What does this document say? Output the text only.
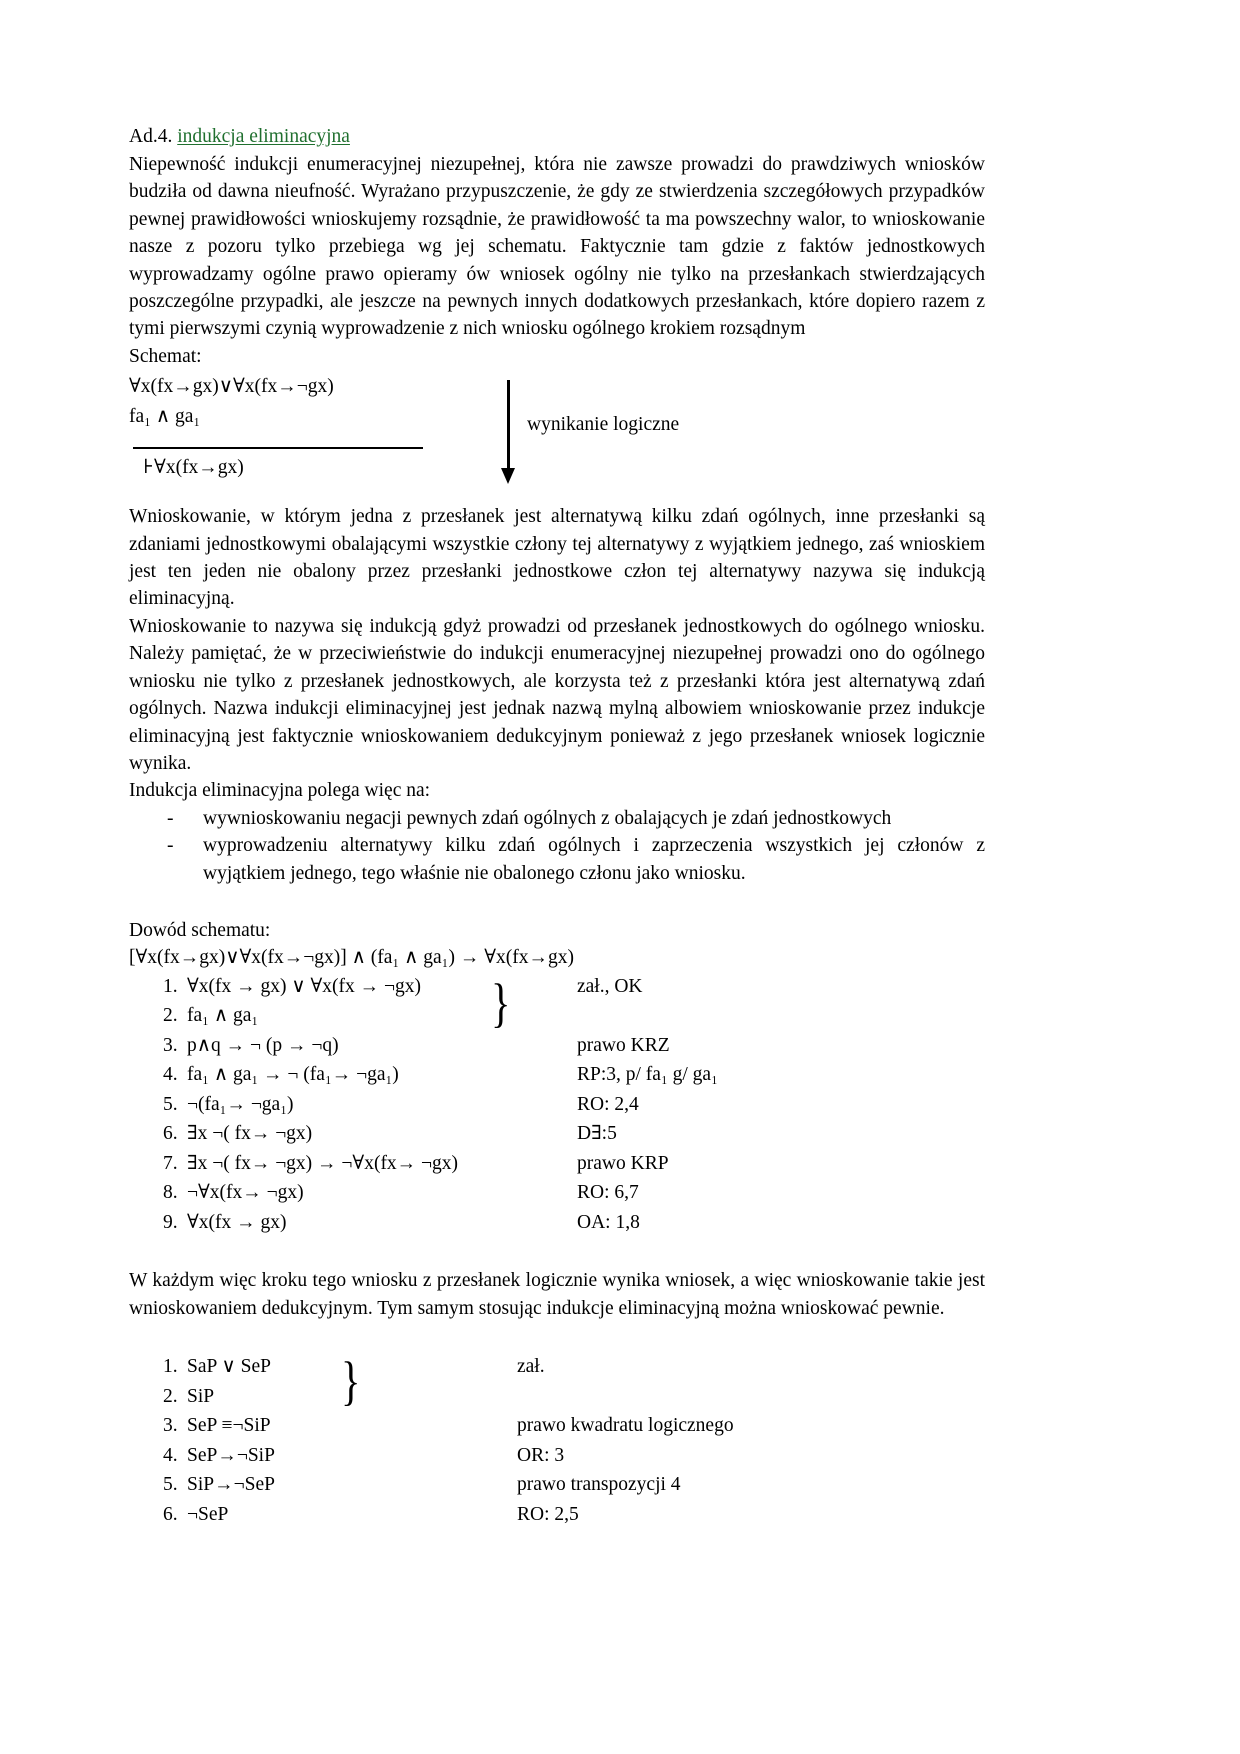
Ad.4. indukcja eliminacyjna

Niepewność indukcji enumeracyjnej niezupełnej, która nie zawsze prowadzi do prawdziwych wniosków budziła od dawna nieufność. Wyrażano przypuszczenie, że gdy ze stwierdzenia szczegółowych przypadków pewnej prawidłowości wnioskujemy rozsądnie, że prawidłowość ta ma powszechny walor, to wnioskowanie nasze z pozoru tylko przebiega wg jej schematu. Faktycznie tam gdzie z faktów jednostkowych wyprowadzamy ogólne prawo opieramy ów wniosek ogólny nie tylko na przesłankach stwierdzających poszczególne przypadki, ale jeszcze na pewnych innych dodatkowych przesłankach, które dopiero razem z tymi pierwszymi czynią wyprowadzenie z nich wniosku ogólnego krokiem rozsądnym

Schemat:
∀x(fx→gx)∨∀x(fx→¬gx)
fa₁ ∧ ga₁
⊦∀x(fx→gx)
wynikanie logiczne

Wnioskowanie, w którym jedna z przesłanek jest alternatywą kilku zdań ogólnych, inne przesłanki są zdaniami jednostkowymi obalającymi wszystkie człony tej alternatywy z wyjątkiem jednego, zaś wnioskiem jest ten jeden nie obalony przez przesłanki jednostkowe człon tej alternatywy nazywa się indukcją eliminacyjną.

Wnioskowanie to nazywa się indukcją gdyż prowadzi od przesłanek jednostkowych do ogólnego wniosku. Należy pamiętać, że w przeciwieństwie do indukcji enumeracyjnej niezupełnej prowadzi ono do ogólnego wniosku nie tylko z przesłanek jednostkowych, ale korzysta też z przesłanki która jest alternatywą zdań ogólnych. Nazwa indukcji eliminacyjnej jest jednak nazwą mylną albowiem wnioskowanie przez indukcje eliminacyjną jest faktycznie wnioskowaniem dedukcyjnym ponieważ z jego przesłanek wniosek logicznie wynika.

Indukcja eliminacyjna polega więc na:
- wywnioskowaniu negacji pewnych zdań ogólnych z obalających je zdań jednostkowych
- wyprowadzeniu alternatywy kilku zdań ogólnych i zaprzeczenia wszystkich jej członów z wyjątkiem jednego, tego właśnie nie obalonego członu jako wniosku.
Dowód schematu:
[∀x(fx→gx)∨∀x(fx→¬gx)] ∧ (fa₁ ∧ ga₁) → ∀x(fx→gx)
}
1. ∀x(fx → gx) ∨ ∀x(fx → ¬gx)	zał., OK
2. fa₁ ∧ ga₁
3. p∧q → ¬ (p → ¬q)	prawo KRZ
4. fa₁ ∧ ga₁ → ¬ (fa₁→ ¬ga₁)	RP:3, p/ fa₁ g/ ga₁
5. ¬(fa₁→ ¬ga₁)	RO: 2,4
6. ∃x ¬( fx→ ¬gx)	D∃:5
7. ∃x ¬( fx→ ¬gx) → ¬∀x(fx→ ¬gx)	prawo KRP
8. ¬∀x(fx→ ¬gx)	RO: 6,7
9. ∀x(fx → gx)	OA: 1,8

W każdym więc kroku tego wniosku z przesłanek logicznie wynika wniosek, a więc wnioskowanie takie jest wnioskowaniem dedukcyjnym. Tym samym stosując indukcje eliminacyjną można wnioskować pewnie.

}
1. SaP ∨ SeP	zał.
2. SiP
3. SeP ≡¬SiP	prawo kwadratu logicznego
4. SeP→¬SiP	OR: 3
5. SiP→¬SeP	prawo transpozycji 4
6. ¬SeP	RO: 2,5
